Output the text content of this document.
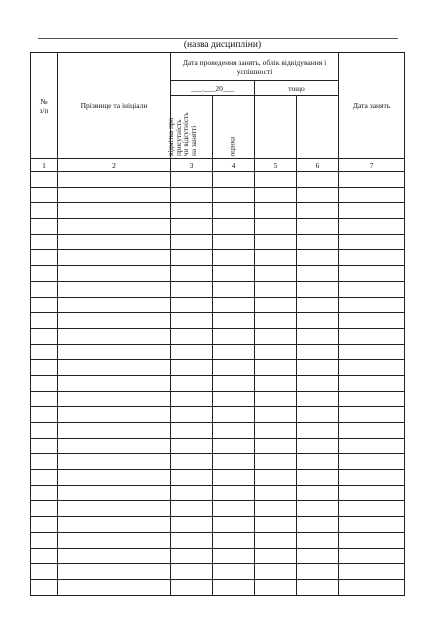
(назва дисципліни)
№
з/п	Прізвище та ініціали	Дата проведення занять, облік відвідування і успішності				Дата занять
		___.___20___		тощо		

		відмітка про присутність чи відсутність на занятті	оцінка			

1	2	3	4	5	6	7
